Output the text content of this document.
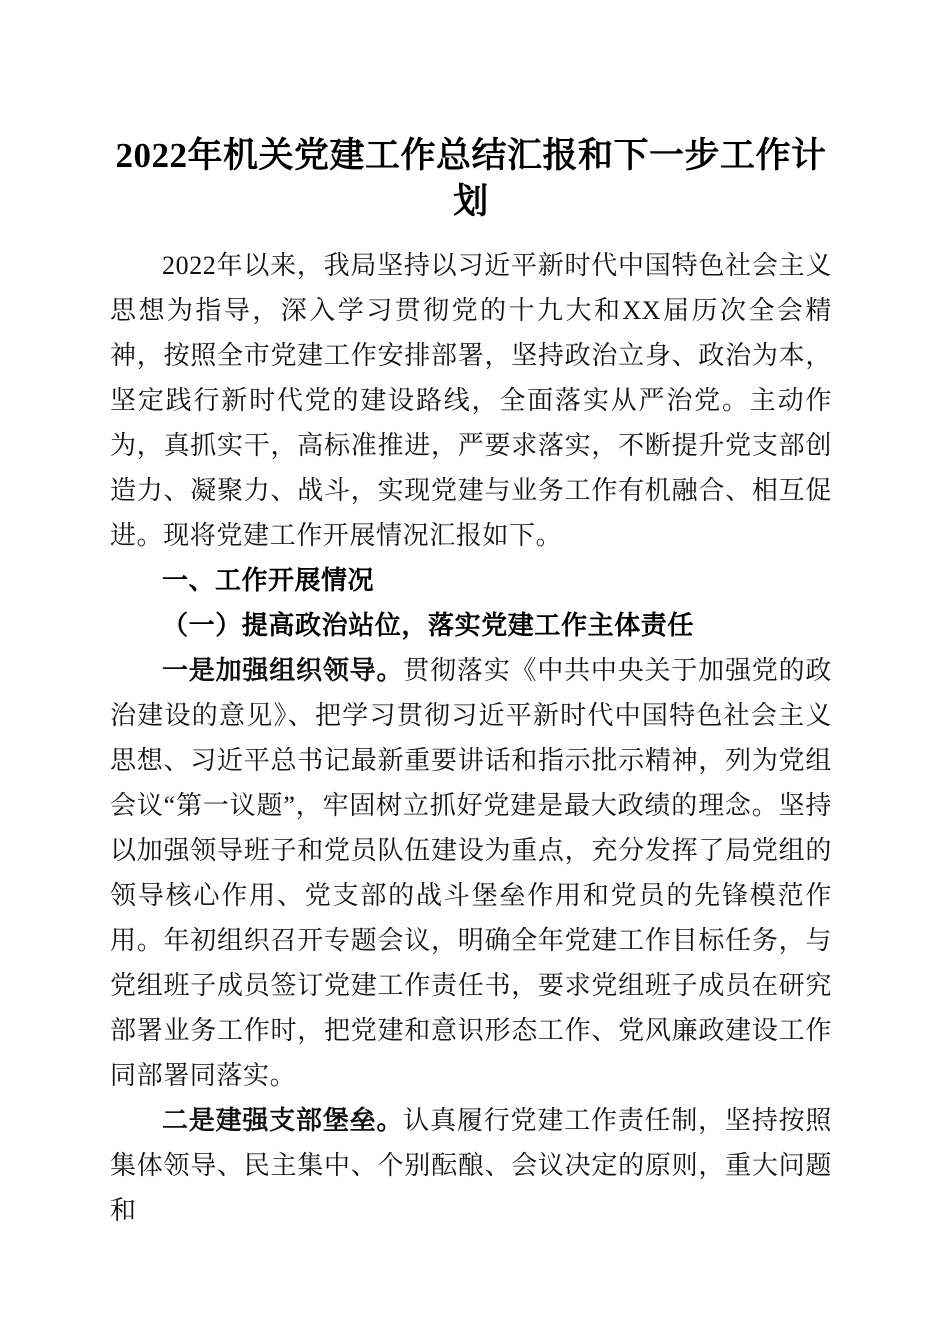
2022年机关党建工作总结汇报和下一步工作计划

2022年以来，我局坚持以习近平新时代中国特色社会主义思想为指导，深入学习贯彻党的十九大和XX届历次全会精神，按照全市党建工作安排部署，坚持政治立身、政治为本，坚定践行新时代党的建设路线，全面落实从严治党。主动作为，真抓实干，高标准推进，严要求落实，不断提升党支部创造力、凝聚力、战斗，实现党建与业务工作有机融合、相互促进。现将党建工作开展情况汇报如下。

一、工作开展情况
（一）提高政治站位，落实党建工作主体责任

一是加强组织领导。贯彻落实《中共中央关于加强党的政治建设的意见》、把学习贯彻习近平新时代中国特色社会主义思想、习近平总书记最新重要讲话和指示批示精神，列为党组会议“第一议题”，牢固树立抓好党建是最大政绩的理念。坚持以加强领导班子和党员队伍建设为重点，充分发挥了局党组的领导核心作用、党支部的战斗堡垒作用和党员的先锋模范作用。年初组织召开专题会议，明确全年党建工作目标任务，与党组班子成员签订党建工作责任书，要求党组班子成员在研究部署业务工作时，把党建和意识形态工作、党风廉政建设工作同部署同落实。

二是建强支部堡垒。认真履行党建工作责任制，坚持按照集体领导、民主集中、个别酝酿、会议决定的原则，重大问题和
